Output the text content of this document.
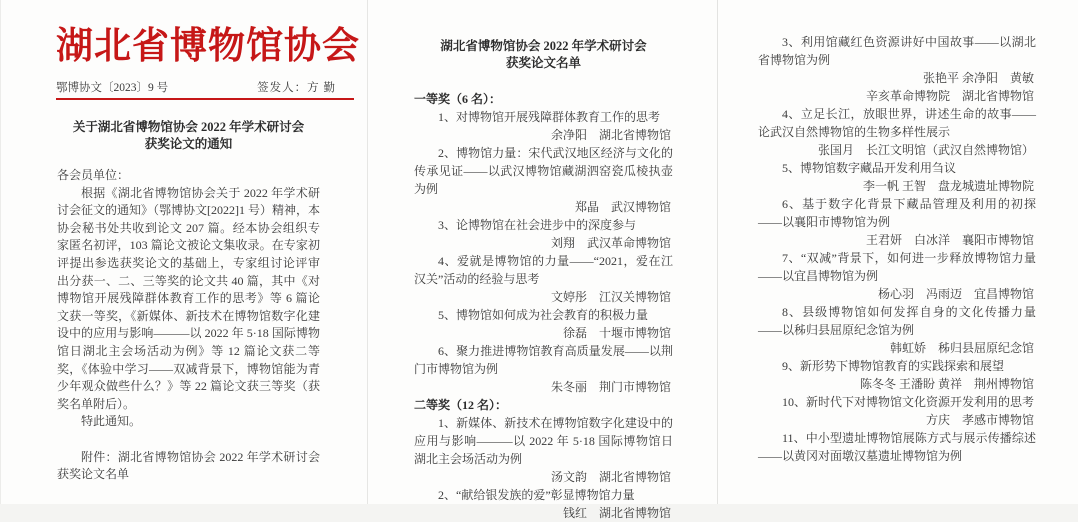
湖北省博物馆协会
鄂博协文〔2023〕9 号	签发人：方 勤
关于湖北省博物馆协会 2022 年学术研讨会
获奖论文的通知

各会员单位：

根据《湖北省博物馆协会关于 2022 年学术研讨会征文的通知》（鄂博协文[2022]1 号）精神，本协会秘书处共收到论文 207 篇。经本协会组织专家匿名初评，103 篇论文被论文集收录。在专家初评提出参选获奖论文的基础上，专家组讨论评审出分获一、二、三等奖的论文共 40 篇，其中《对博物馆开展残障群体教育工作的思考》等 6 篇论文获一等奖，《新媒体、新技术在博物馆数字化建设中的应用与影响———以 2022 年 5·18 国际博物馆日湖北主会场活动为例》等 12 篇论文获二等奖，《体验中学习——双减背景下，博物馆能为青少年观众做些什么？》等 22 篇论文获三等奖（获奖名单附后）。

特此通知。

附件：湖北省博物馆协会 2022 年学术研讨会获奖论文名单

湖北省博物馆协会 2022 年学术研讨会
获奖论文名单

一等奖（6 名）：

1、对博物馆开展残障群体教育工作的思考

余净阳　湖北省博物馆

2、博物馆力量：宋代武汉地区经济与文化的传承见证——以武汉博物馆藏湖泗窑瓷瓜棱执壶为例

郑晶　武汉博物馆

3、论博物馆在社会进步中的深度参与

刘翔　武汉革命博物馆

4、爱就是博物馆的力量——“2021，爱在江汉关”活动的经验与思考

文婷彤　江汉关博物馆

5、博物馆如何成为社会教育的积极力量

徐磊　十堰市博物馆

6、聚力推进博物馆教育高质量发展——以荆门市博物馆为例

朱冬丽　荆门市博物馆

二等奖（12 名）：

1、新媒体、新技术在博物馆数字化建设中的应用与影响———以 2022 年 5·18 国际博物馆日湖北主会场活动为例

汤文韵　湖北省博物馆

2、“献给银发族的爱”彰显博物馆力量

钱红　湖北省博物馆

3、利用馆藏红色资源讲好中国故事——以湖北省博物馆为例

张艳平 余净阳　黄敏

辛亥革命博物院　湖北省博物馆

4、立足长江，放眼世界，讲述生命的故事——论武汉自然博物馆的生物多样性展示

张国月　长江文明馆（武汉自然博物馆）

5、博物馆数字藏品开发利用刍议

李一帆 王智　盘龙城遗址博物院

6、基于数字化背景下藏品管理及利用的初探——以襄阳市博物馆为例

王君妍　白冰洋　襄阳市博物馆

7、“双减”背景下，如何进一步释放博物馆力量——以宜昌博物馆为例

杨心羽　冯雨迈　宜昌博物馆

8、县级博物馆如何发挥自身的文化传播力量——以秭归县屈原纪念馆为例

韩虹娇　秭归县屈原纪念馆

9、新形势下博物馆教育的实践探索和展望

陈冬冬 王潘盼 黄祥　荆州博物馆

10、新时代下对博物馆文化资源开发利用的思考

方庆　孝感市博物馆

11、中小型遗址博物馆展陈方式与展示传播综述——以黄冈对面墩汉墓遗址博物馆为例
